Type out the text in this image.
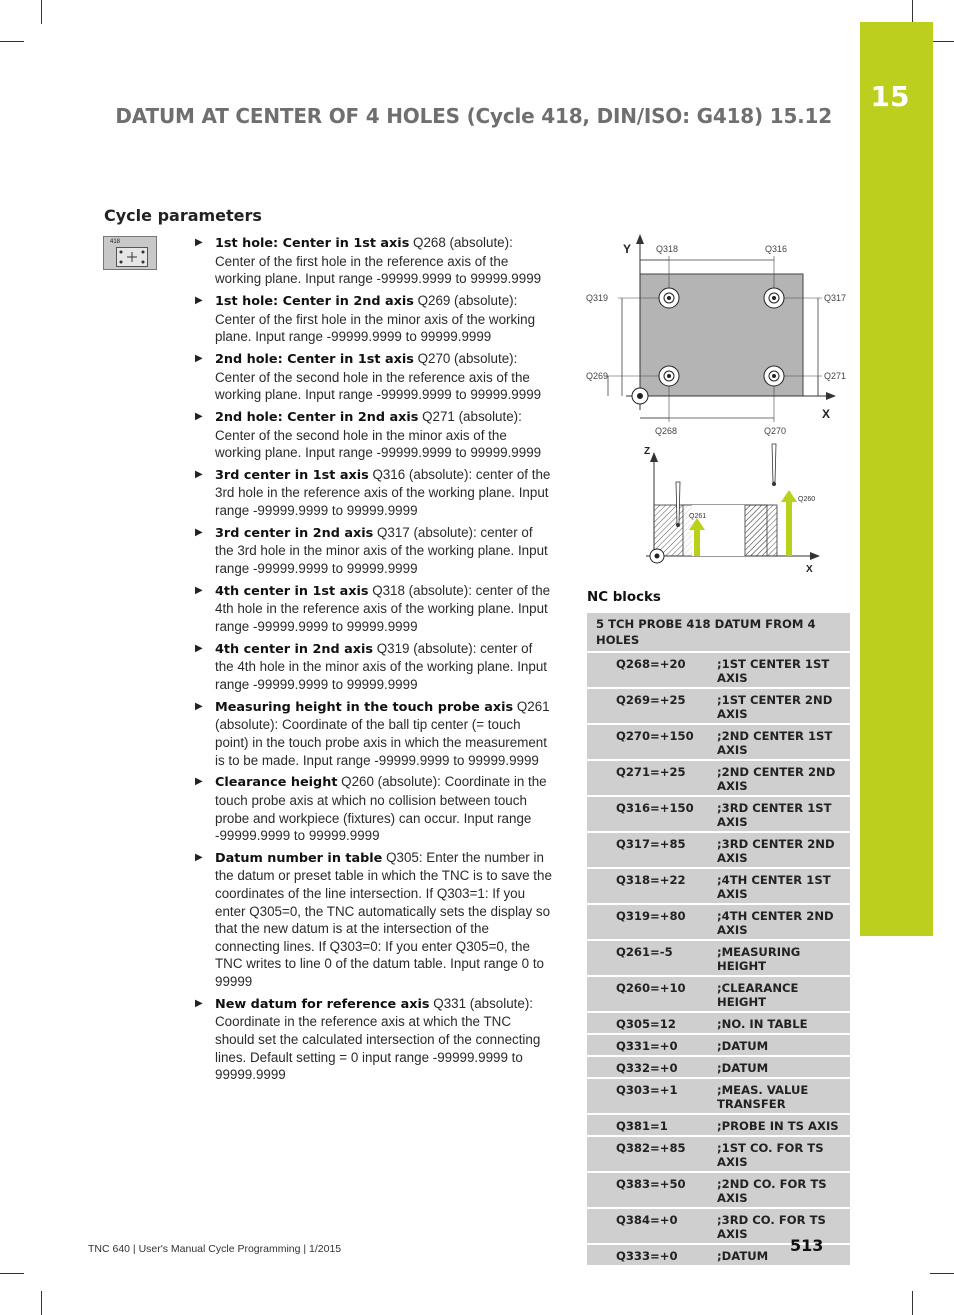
15
DATUM AT CENTER OF 4 HOLES (Cycle 418, DIN/ISO: G418) 15.12
Cycle parameters
418	▶ 1st hole: Center in 1st axis Q268 (absolute): Center of the first hole in the reference axis of the working plane. Input range -99999.9999 to 99999.9999
▶ 1st hole: Center in 2nd axis Q269 (absolute): Center of the first hole in the minor axis of the working plane. Input range -99999.9999 to 99999.9999
▶ 2nd hole: Center in 1st axis Q270 (absolute): Center of the second hole in the reference axis of the working plane. Input range -99999.9999 to 99999.9999
▶ 2nd hole: Center in 2nd axis Q271 (absolute): Center of the second hole in the minor axis of the working plane. Input range -99999.9999 to 99999.9999
▶ 3rd center in 1st axis Q316 (absolute): center of the 3rd hole in the reference axis of the working plane. Input range -99999.9999 to 99999.9999
▶ 3rd center in 2nd axis Q317 (absolute): center of the 3rd hole in the minor axis of the working plane. Input range -99999.9999 to 99999.9999
▶ 4th center in 1st axis Q318 (absolute): center of the 4th hole in the reference axis of the working plane. Input range -99999.9999 to 99999.9999
▶ 4th center in 2nd axis Q319 (absolute): center of the 4th hole in the minor axis of the working plane. Input range -99999.9999 to 99999.9999
▶ Measuring height in the touch probe axis Q261 (absolute): Coordinate of the ball tip center (= touch point) in the touch probe axis in which the measurement is to be made. Input range -99999.9999 to 99999.9999
▶ Clearance height Q260 (absolute): Coordinate in the touch probe axis at which no collision between touch probe and workpiece (fixtures) can occur. Input range -99999.9999 to 99999.9999
▶ Datum number in table Q305: Enter the number in the datum or preset table in which the TNC is to save the coordinates of the line intersection. If Q303=1: If you enter Q305=0, the TNC automatically sets the display so that the new datum is at the intersection of the connecting lines. If Q303=0: If you enter Q305=0, the TNC writes to line 0 of the datum table. Input range 0 to 99999
▶ New datum for reference axis Q331 (absolute): Coordinate in the reference axis at which the TNC should set the calculated intersection of the connecting lines. Default setting = 0 input range -99999.9999 to 99999.9999
Y
X
Q318	Q316
Q319
Q269
Q317
Q271
Q268	Q270
Z
X
Q261
Q260
NC blocks
5 TCH PROBE 418 DATUM FROM 4 HOLES
Q268=+20	;1ST CENTER 1ST AXIS
Q269=+25	;1ST CENTER 2ND AXIS
Q270=+150	;2ND CENTER 1ST AXIS
Q271=+25	;2ND CENTER 2ND AXIS
Q316=+150	;3RD CENTER 1ST AXIS
Q317=+85	;3RD CENTER 2ND AXIS
Q318=+22	;4TH CENTER 1ST AXIS
Q319=+80	;4TH CENTER 2ND AXIS
Q261=-5	;MEASURING HEIGHT
Q260=+10	;CLEARANCE HEIGHT
Q305=12	;NO. IN TABLE
Q331=+0	;DATUM
Q332=+0	;DATUM
Q303=+1	;MEAS. VALUE TRANSFER
Q381=1	;PROBE IN TS AXIS
Q382=+85	;1ST CO. FOR TS AXIS
Q383=+50	;2ND CO. FOR TS AXIS
Q384=+0	;3RD CO. FOR TS AXIS
Q333=+0	;DATUM
TNC 640 | User's Manual Cycle Programming | 1/2015	513
